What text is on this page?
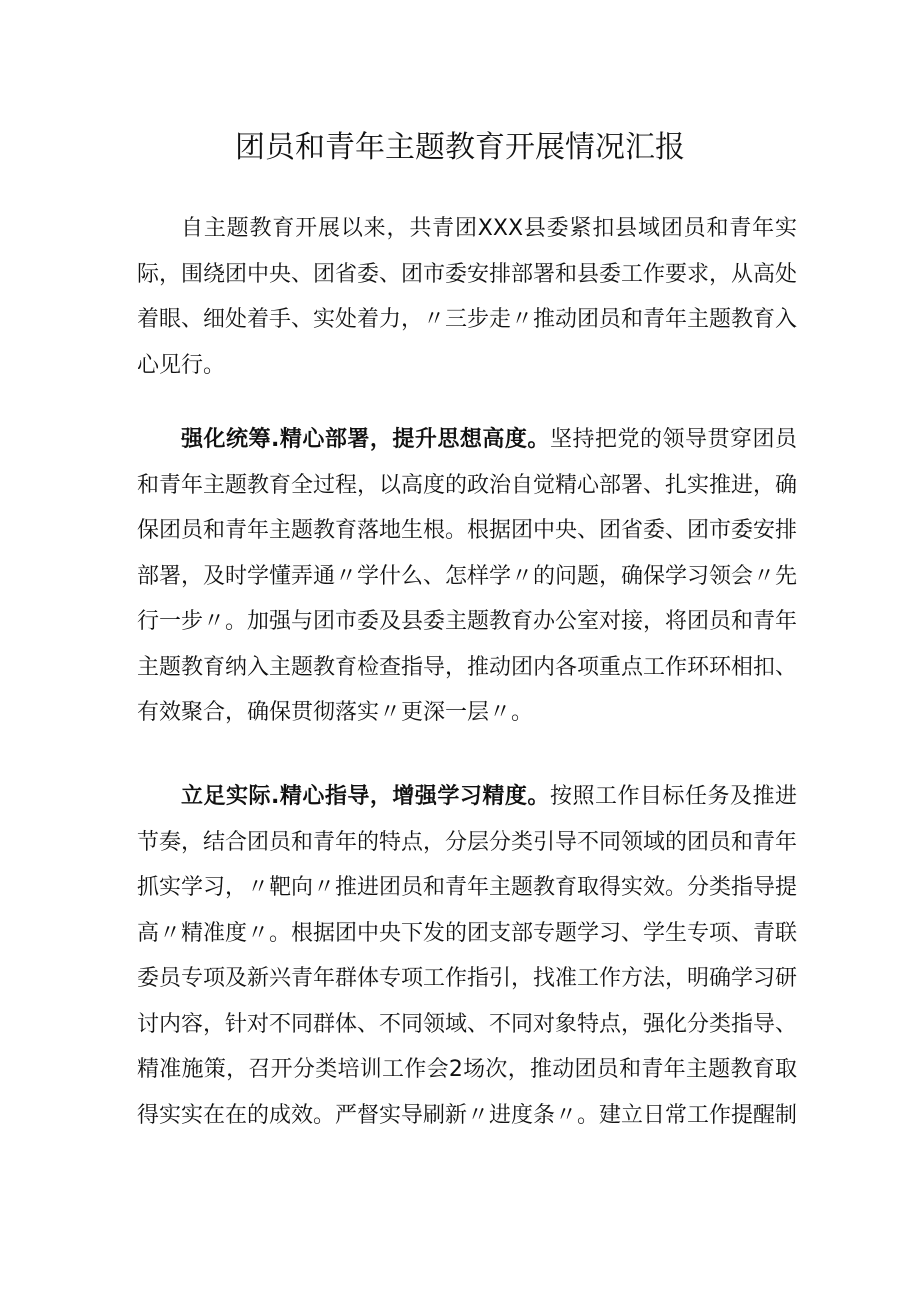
团员和青年主题教育开展情况汇报

自主题教育开展以来，共青团XXX县委紧扣县域团员和青年实际，围绕团中央、团省委、团市委安排部署和县委工作要求，从高处着眼、细处着手、实处着力，〃三步走〃推动团员和青年主题教育入心见行。

强化统筹.精心部署，提升思想高度。坚持把党的领导贯穿团员和青年主题教育全过程，以高度的政治自觉精心部署、扎实推进，确保团员和青年主题教育落地生根。根据团中央、团省委、团市委安排部署，及时学懂弄通〃学什么、怎样学〃的问题，确保学习领会〃先行一步〃。加强与团市委及县委主题教育办公室对接，将团员和青年主题教育纳入主题教育检查指导，推动团内各项重点工作环环相扣、有效聚合，确保贯彻落实〃更深一层〃。

立足实际.精心指导，增强学习精度。按照工作目标任务及推进节奏，结合团员和青年的特点，分层分类引导不同领域的团员和青年抓实学习，〃靶向〃推进团员和青年主题教育取得实效。分类指导提高〃精准度〃。根据团中央下发的团支部专题学习、学生专项、青联委员专项及新兴青年群体专项工作指引，找准工作方法，明确学习研讨内容，针对不同群体、不同领域、不同对象特点，强化分类指导、精准施策，召开分类培训工作会2场次，推动团员和青年主题教育取得实实在在的成效。严督实导刷新〃进度条〃。建立日常工作提醒制
